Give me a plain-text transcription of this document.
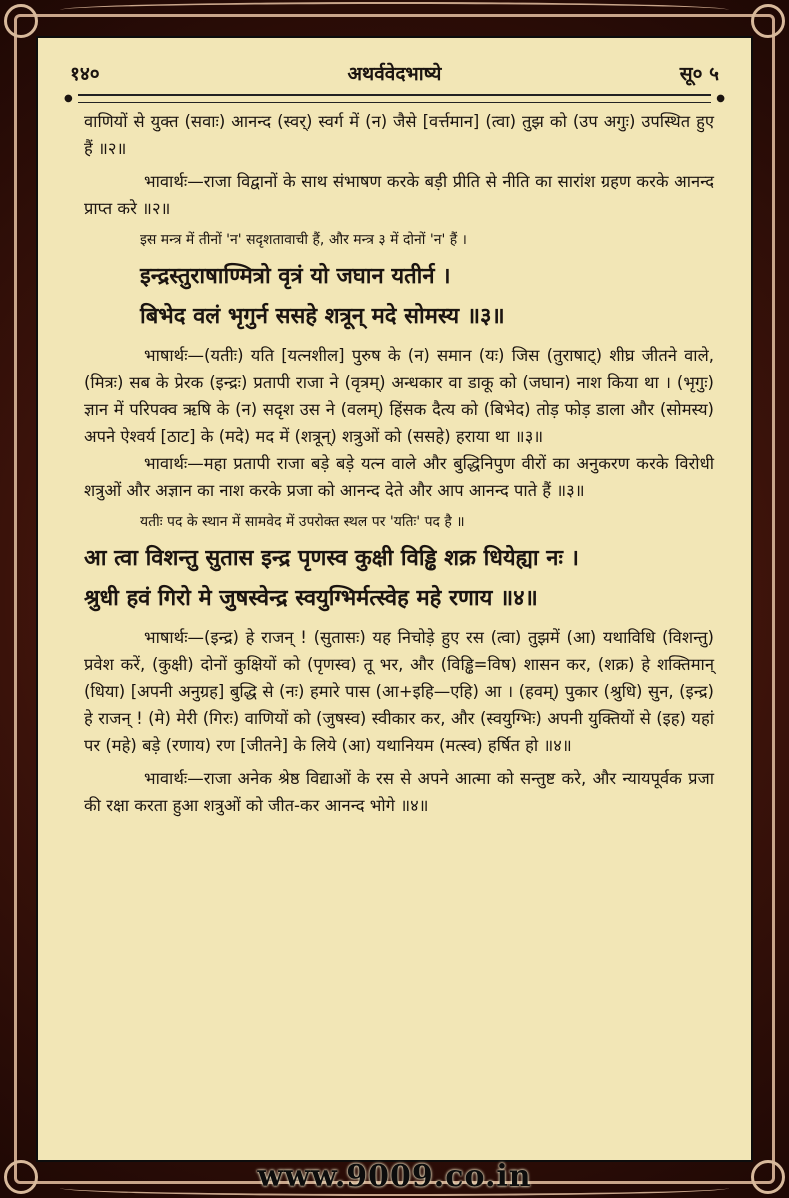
१४०	अथर्ववेदभाष्ये	सू० ५
●	●

वाणियों से युक्त (सवाः) आनन्द (स्वर्) स्वर्ग में (न) जैसे [वर्त्तमान] (त्वा) तुझ को (उप अगुः) उपस्थित हुए हैं ॥२॥

भावार्थः—राजा विद्वानों के साथ संभाषण करके बड़ी प्रीति से नीति का सारांश ग्रहण करके आनन्द प्राप्त करे ॥२॥

इस मन्त्र में तीनों 'न' सदृशतावाची हैं, और मन्त्र ३ में दोनों 'न' हैं ।

इन्द्रस्तुराषाण्मित्रो वृत्रं यो जघान यतीर्न ।

बिभेद वलं भृगुर्न ससहे शत्रून् मदे सोमस्य ॥३॥

भाषार्थः—(यतीः) यति [यत्नशील] पुरुष के (न) समान (यः) जिस (तुराषाट्) शीघ्र जीतने वाले, (मित्रः) सब के प्रेरक (इन्द्रः) प्रतापी राजा ने (वृत्रम्) अन्धकार वा डाकू को (जघान) नाश किया था । (भृगुः) ज्ञान में परिपक्व ऋषि के (न) सदृश उस ने (वलम्) हिंसक दैत्य को (बिभेद) तोड़ फोड़ डाला और (सोमस्य) अपने ऐश्वर्य [ठाट] के (मदे) मद में (शत्रून्) शत्रुओं को (ससहे) हराया था ॥३॥

भावार्थः—महा प्रतापी राजा बड़े बड़े यत्न वाले और बुद्धिनिपुण वीरों का अनुकरण करके विरोधी शत्रुओं और अज्ञान का नाश करके प्रजा को आनन्द देते और आप आनन्द पाते हैं ॥३॥

यतीः पद के स्थान में सामवेद में उपरोक्त स्थल पर 'यतिः' पद है ॥

आ त्वा विशन्तु सुतास इन्द्र पृणस्व कुक्षी विड्ढि शक्र धियेह्या नः ।

श्रुधी हवं गिरो मे जुषस्वेन्द्र स्वयुग्भिर्मत्स्वेह महे रणाय ॥४॥

भाषार्थः—(इन्द्र) हे राजन् ! (सुतासः) यह निचोड़े हुए रस (त्वा) तुझमें (आ) यथाविधि (विशन्तु) प्रवेश करें, (कुक्षी) दोनों कुक्षियों को (पृणस्व) तू भर, और (विड्ढि=विष) शासन कर, (शक्र) हे शक्तिमान् (धिया) [अपनी अनुग्रह] बुद्धि से (नः) हमारे पास (आ+इहि—एहि) आ । (हवम्) पुकार (श्रुधि) सुन, (इन्द्र) हे राजन् ! (मे) मेरी (गिरः) वाणियों को (जुषस्व) स्वीकार कर, और (स्वयुग्भिः) अपनी युक्तियों से (इह) यहां पर (महे) बड़े (रणाय) रण [जीतने] के लिये (आ) यथानियम (मत्स्व) हर्षित हो ॥४॥

भावार्थः—राजा अनेक श्रेष्ठ विद्याओं के रस से अपने आत्मा को सन्तुष्ट करे, और न्यायपूर्वक प्रजा की रक्षा करता हुआ शत्रुओं को जीत-कर आनन्द भोगे ॥४॥

www.9009.co.in
